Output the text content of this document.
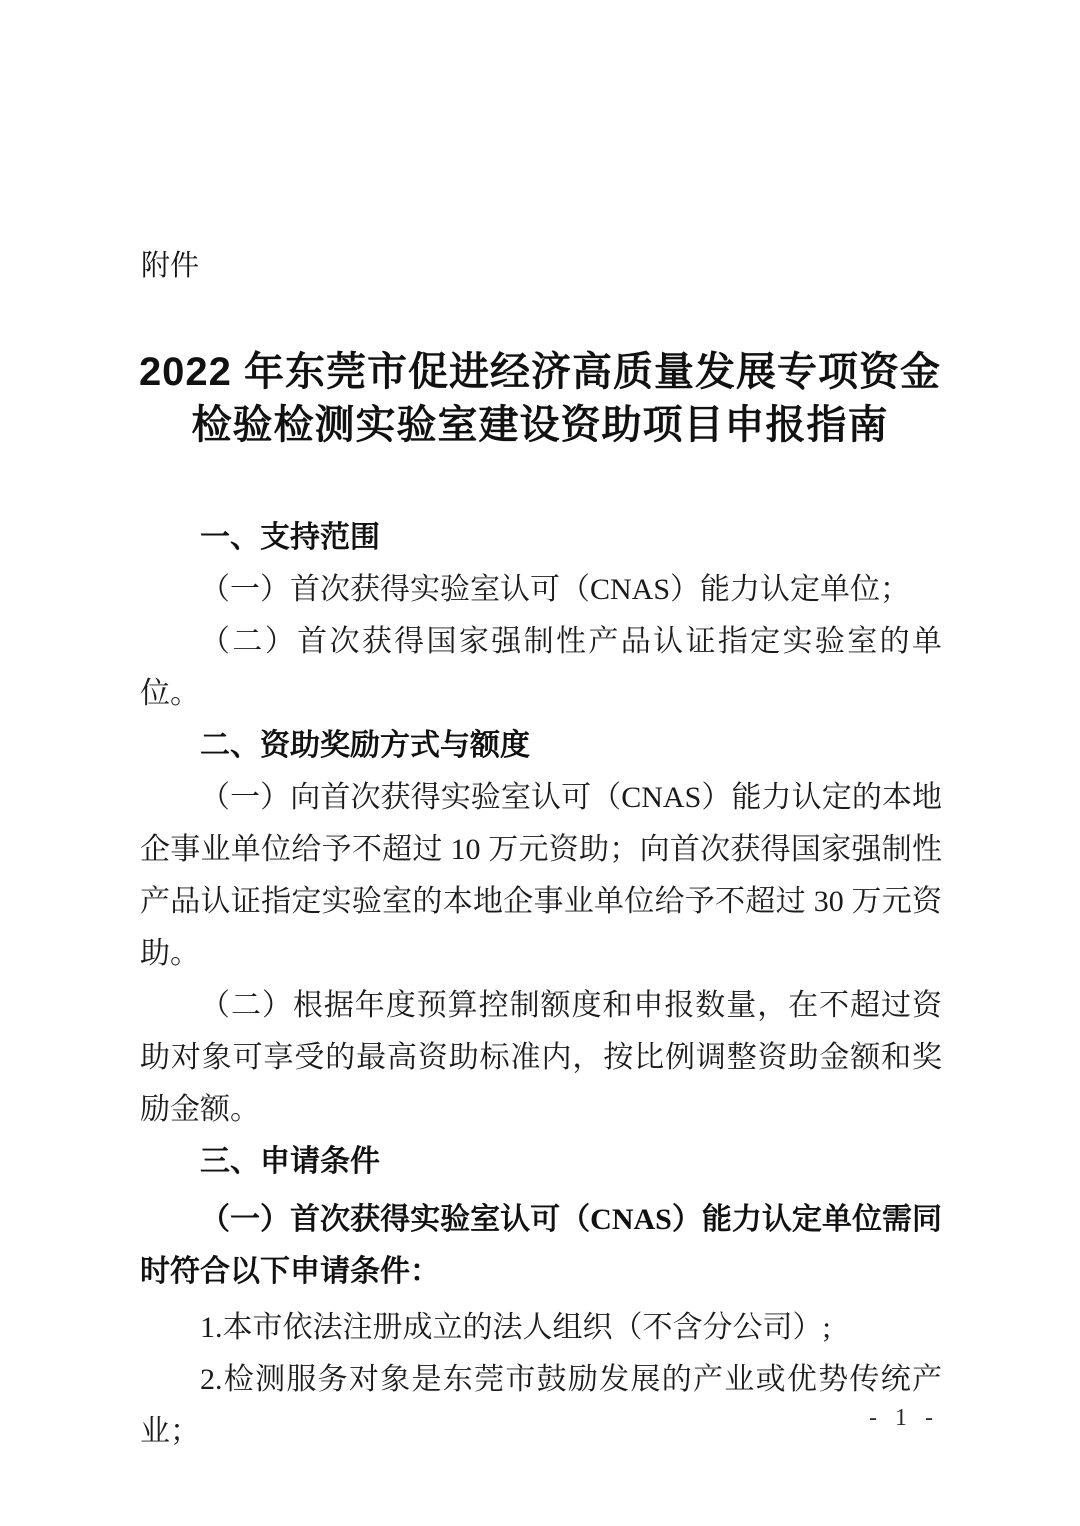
附件
2022 年东莞市促进经济高质量发展专项资金
检验检测实验室建设资助项目申报指南

一、支持范围

（一）首次获得实验室认可（CNAS）能力认定单位；

（二）首次获得国家强制性产品认证指定实验室的单位。

二、资助奖励方式与额度

（一）向首次获得实验室认可（CNAS）能力认定的本地企事业单位给予不超过 10 万元资助；向首次获得国家强制性产品认证指定实验室的本地企事业单位给予不超过 30 万元资助。

（二）根据年度预算控制额度和申报数量，在不超过资助对象可享受的最高资助标准内，按比例调整资助金额和奖励金额。

三、申请条件

（一）首次获得实验室认可（CNAS）能力认定单位需同时符合以下申请条件：

1.本市依法注册成立的法人组织（不含分公司）;

2.检测服务对象是东莞市鼓励发展的产业或优势传统产业；	- 1 -
